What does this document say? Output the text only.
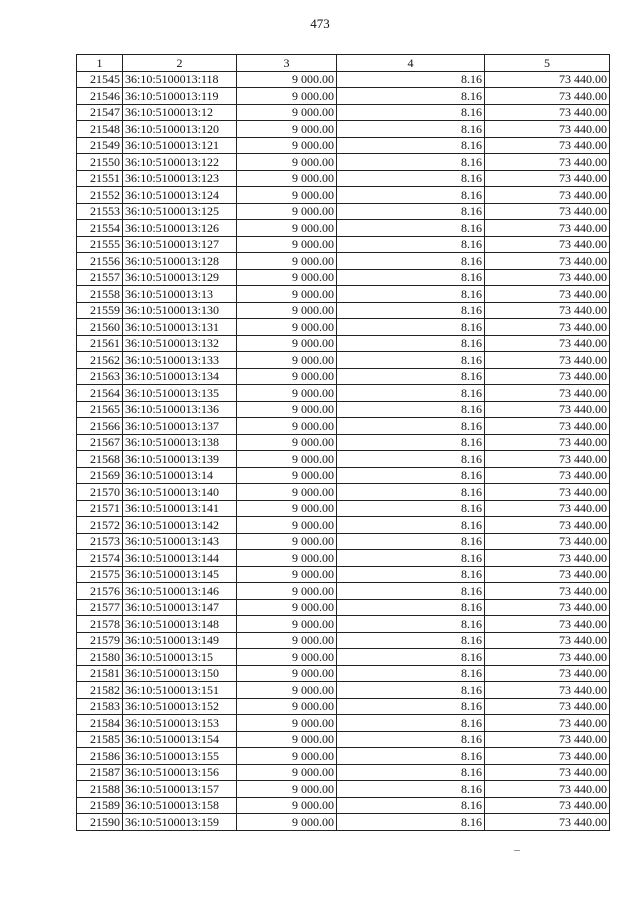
473
1	2	3	4	5
21545	36:10:5100013:118	9 000.00	8.16	73 440.00
21546	36:10:5100013:119	9 000.00	8.16	73 440.00
21547	36:10:5100013:12	9 000.00	8.16	73 440.00
21548	36:10:5100013:120	9 000.00	8.16	73 440.00
21549	36:10:5100013:121	9 000.00	8.16	73 440.00
21550	36:10:5100013:122	9 000.00	8.16	73 440.00
21551	36:10:5100013:123	9 000.00	8.16	73 440.00
21552	36:10:5100013:124	9 000.00	8.16	73 440.00
21553	36:10:5100013:125	9 000.00	8.16	73 440.00
21554	36:10:5100013:126	9 000.00	8.16	73 440.00
21555	36:10:5100013:127	9 000.00	8.16	73 440.00
21556	36:10:5100013:128	9 000.00	8.16	73 440.00
21557	36:10:5100013:129	9 000.00	8.16	73 440.00
21558	36:10:5100013:13	9 000.00	8.16	73 440.00
21559	36:10:5100013:130	9 000.00	8.16	73 440.00
21560	36:10:5100013:131	9 000.00	8.16	73 440.00
21561	36:10:5100013:132	9 000.00	8.16	73 440.00
21562	36:10:5100013:133	9 000.00	8.16	73 440.00
21563	36:10:5100013:134	9 000.00	8.16	73 440.00
21564	36:10:5100013:135	9 000.00	8.16	73 440.00
21565	36:10:5100013:136	9 000.00	8.16	73 440.00
21566	36:10:5100013:137	9 000.00	8.16	73 440.00
21567	36:10:5100013:138	9 000.00	8.16	73 440.00
21568	36:10:5100013:139	9 000.00	8.16	73 440.00
21569	36:10:5100013:14	9 000.00	8.16	73 440.00
21570	36:10:5100013:140	9 000.00	8.16	73 440.00
21571	36:10:5100013:141	9 000.00	8.16	73 440.00
21572	36:10:5100013:142	9 000.00	8.16	73 440.00
21573	36:10:5100013:143	9 000.00	8.16	73 440.00
21574	36:10:5100013:144	9 000.00	8.16	73 440.00
21575	36:10:5100013:145	9 000.00	8.16	73 440.00
21576	36:10:5100013:146	9 000.00	8.16	73 440.00
21577	36:10:5100013:147	9 000.00	8.16	73 440.00
21578	36:10:5100013:148	9 000.00	8.16	73 440.00
21579	36:10:5100013:149	9 000.00	8.16	73 440.00
21580	36:10:5100013:15	9 000.00	8.16	73 440.00
21581	36:10:5100013:150	9 000.00	8.16	73 440.00
21582	36:10:5100013:151	9 000.00	8.16	73 440.00
21583	36:10:5100013:152	9 000.00	8.16	73 440.00
21584	36:10:5100013:153	9 000.00	8.16	73 440.00
21585	36:10:5100013:154	9 000.00	8.16	73 440.00
21586	36:10:5100013:155	9 000.00	8.16	73 440.00
21587	36:10:5100013:156	9 000.00	8.16	73 440.00
21588	36:10:5100013:157	9 000.00	8.16	73 440.00
21589	36:10:5100013:158	9 000.00	8.16	73 440.00
21590	36:10:5100013:159	9 000.00	8.16	73 440.00
